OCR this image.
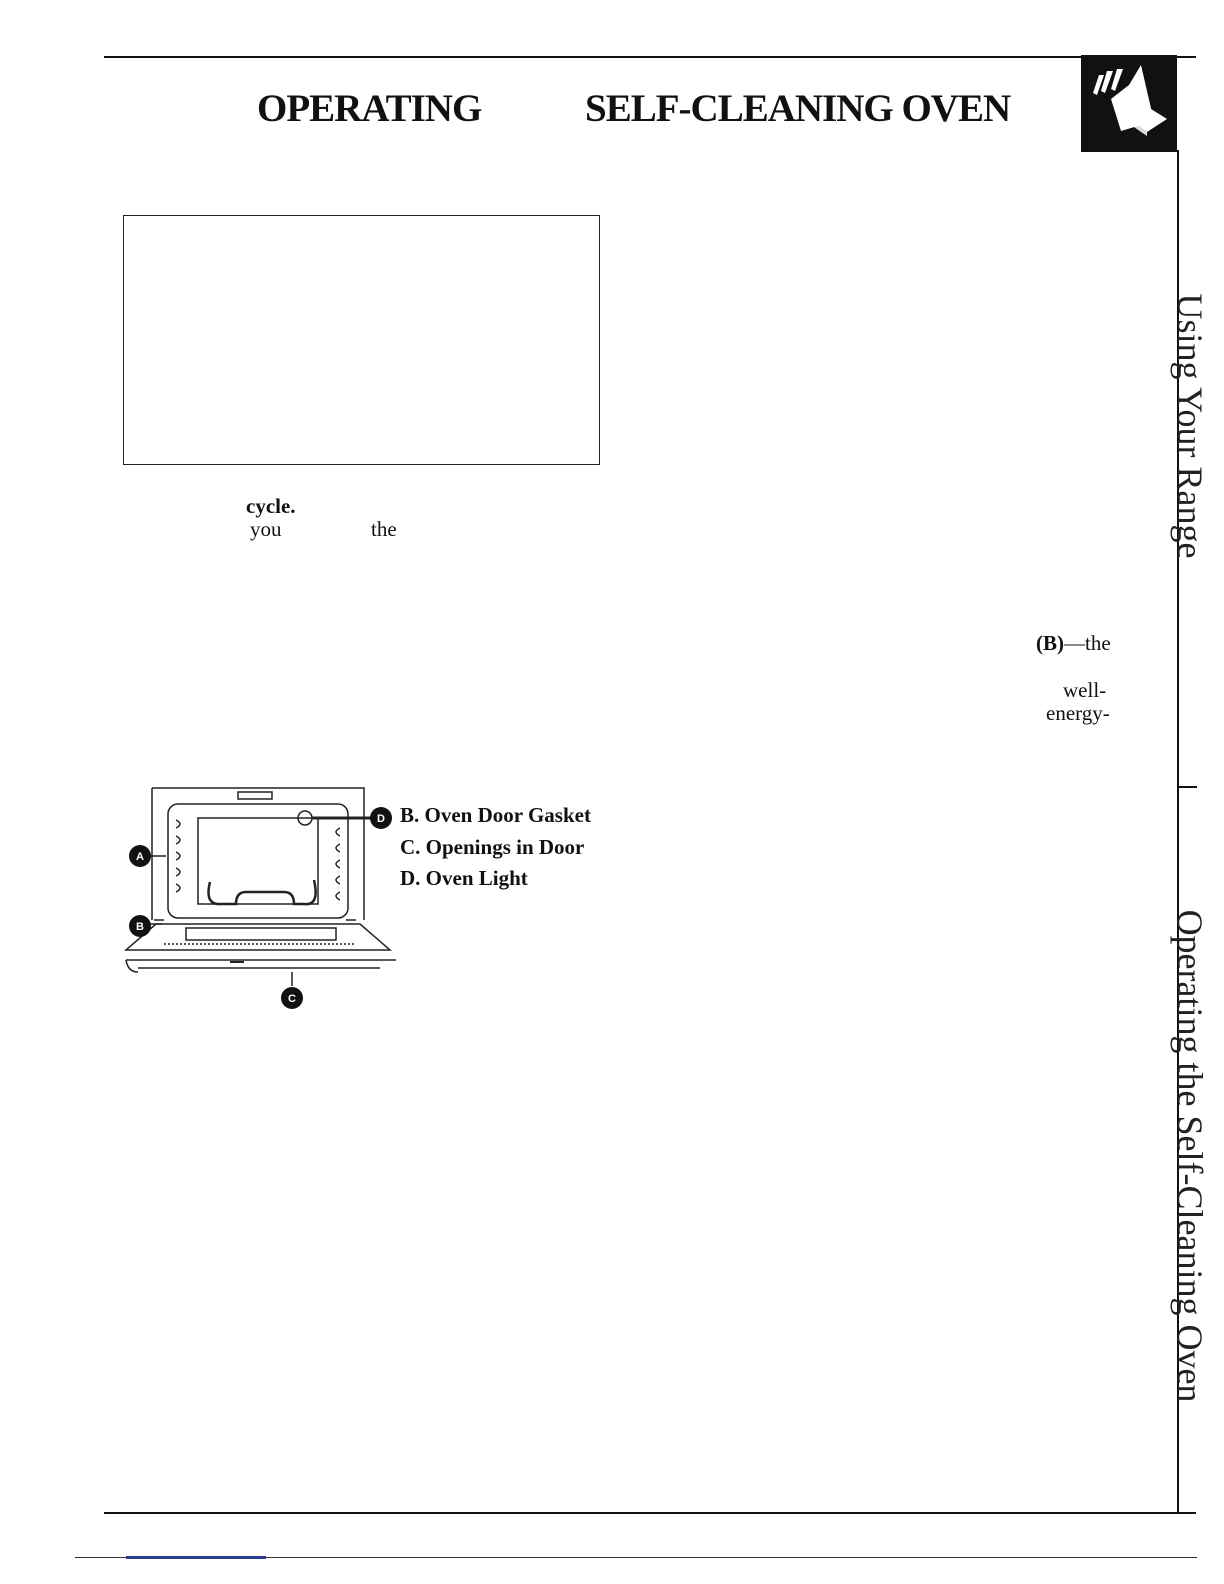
OPERATING	SELF-CLEANING OVEN
cycle.
you	the
(B)—the
well-
energy-
A
B
C
D B. Oven Door Gasket
C. Openings in Door
D. Oven Light
Using Your Range
Operating the Self-Cleaning Oven
